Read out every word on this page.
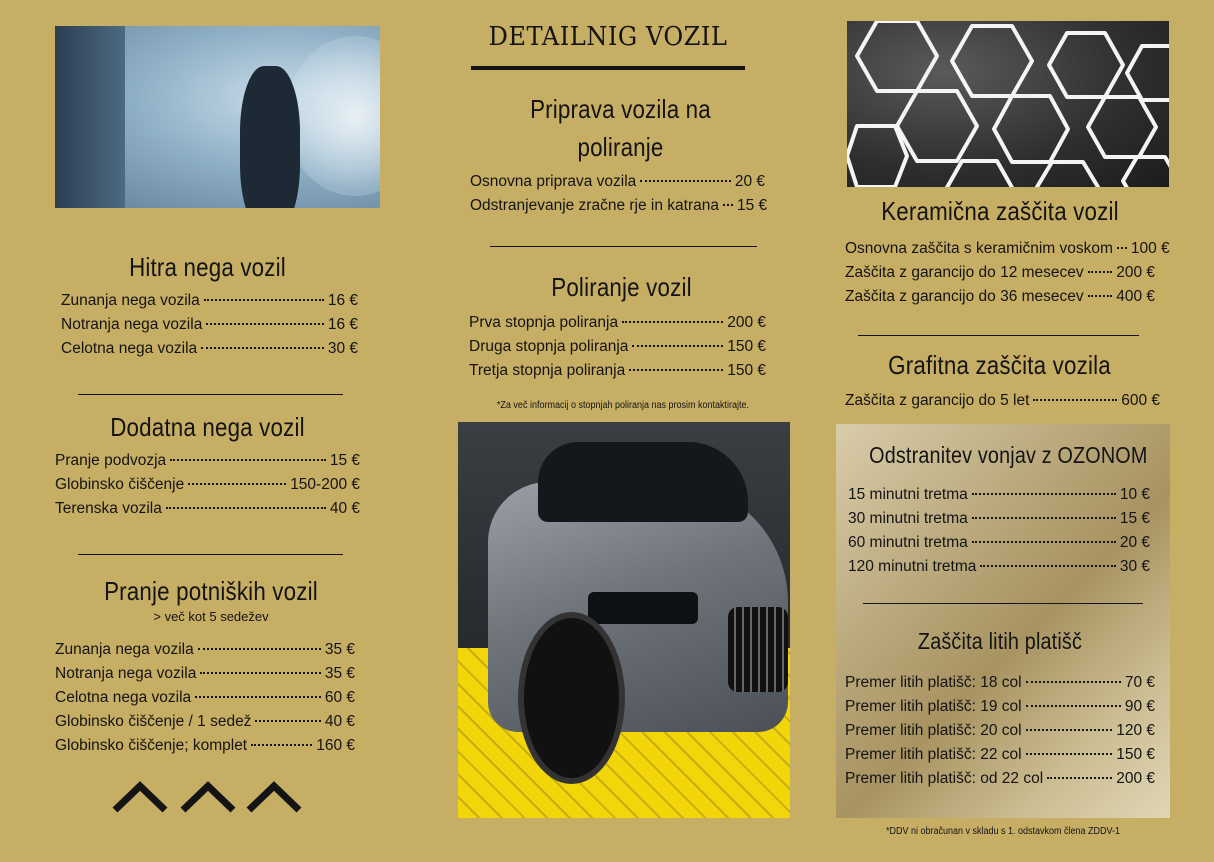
DETAILNIG VOZIL
Hitra nega vozil
Zunanja nega vozila	16 €
Notranja nega vozila	16 €
Celotna nega vozila	30 €
Dodatna nega vozil
Pranje podvozja	15 €
Globinsko čiščenje	150-200 €
Terenska vozila	40 €
Pranje potniških vozil
> več kot 5 sedežev
Zunanja nega vozila	35 €
Notranja nega vozila	35 €
Celotna nega vozila	60 €
Globinsko čiščenje / 1 sedež	40 €
Globinsko čiščenje; komplet	160 €
Priprava vozila na
poliranje
Osnovna priprava vozila	20 €
Odstranjevanje zračne rje in katrana 15 €
Poliranje vozil
Prva stopnja poliranja	200 €
Druga stopnja poliranja	150 €
Tretja stopnja poliranja	150 €
*Za več informacij o stopnjah poliranja nas prosim kontaktirajte.
Keramična zaščita vozil
Osnovna zaščita s keramičnim voskom 100 €
Zaščita z garancijo do 12 mesecev 200 €
Zaščita z garancijo do 36 mesecev 400 €
Grafitna zaščita vozila
Zaščita z garancijo do 5 let	600 €
Odstranitev vonjav z OZONOM
15 minutni tretma	10 €
30 minutni tretma	15 €
60 minutni tretma	20 €
120 minutni tretma	30 €
Zaščita litih platišč
Premer litih platišč: 18 col	70 €
Premer litih platišč: 19 col	90 €
Premer litih platišč: 20 col	120 €
Premer litih platišč: 22 col	150 €
Premer litih platišč: od 22 col	200 €
*DDV ni obračunan v skladu s 1. odstavkom člena ZDDV-1
